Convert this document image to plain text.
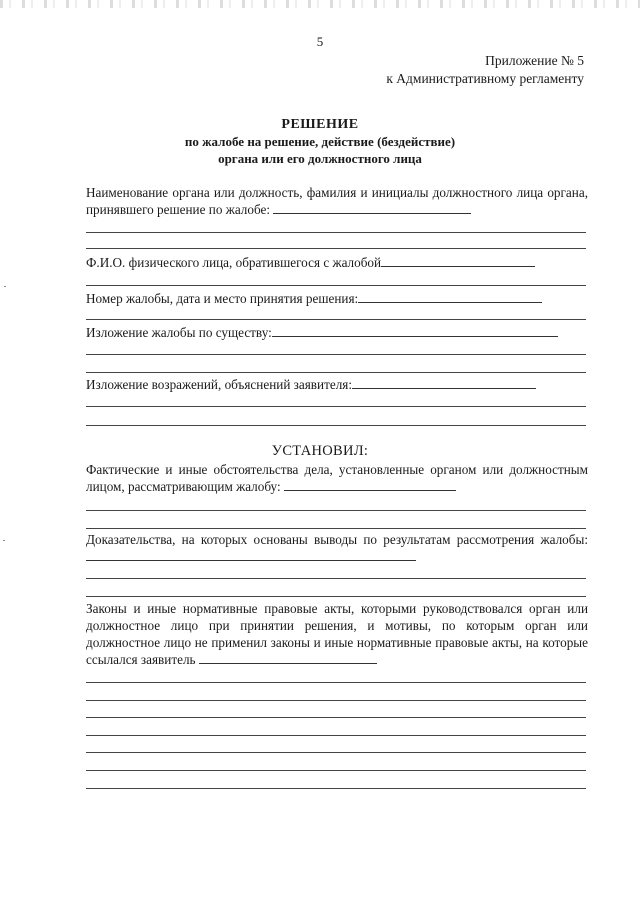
5
Приложение № 5
к Административному регламенту
РЕШЕНИЕ
по жалобе на решение, действие (бездействие)
органа или его должностного лица
Наименование органа или должность, фамилия и инициалы должностного лица органа, принявшего решение по жалобе:
Ф.И.О. физического лица, обратившегося с жалобой
Номер жалобы, дата и место принятия решения:
Изложение жалобы по существу:
Изложение возражений, объяснений заявителя:
УСТАНОВИЛ:
Фактические и иные обстоятельства дела, установленные органом или должностным лицом, рассматривающим жалобу:
Доказательства, на которых основаны выводы по результатам рассмотрения жалобы:
Законы и иные нормативные правовые акты, которыми руководствовался орган или должностное лицо при принятии решения, и мотивы, по которым орган или должностное лицо не применил законы и иные нормативные правовые акты, на которые ссылался заявитель
